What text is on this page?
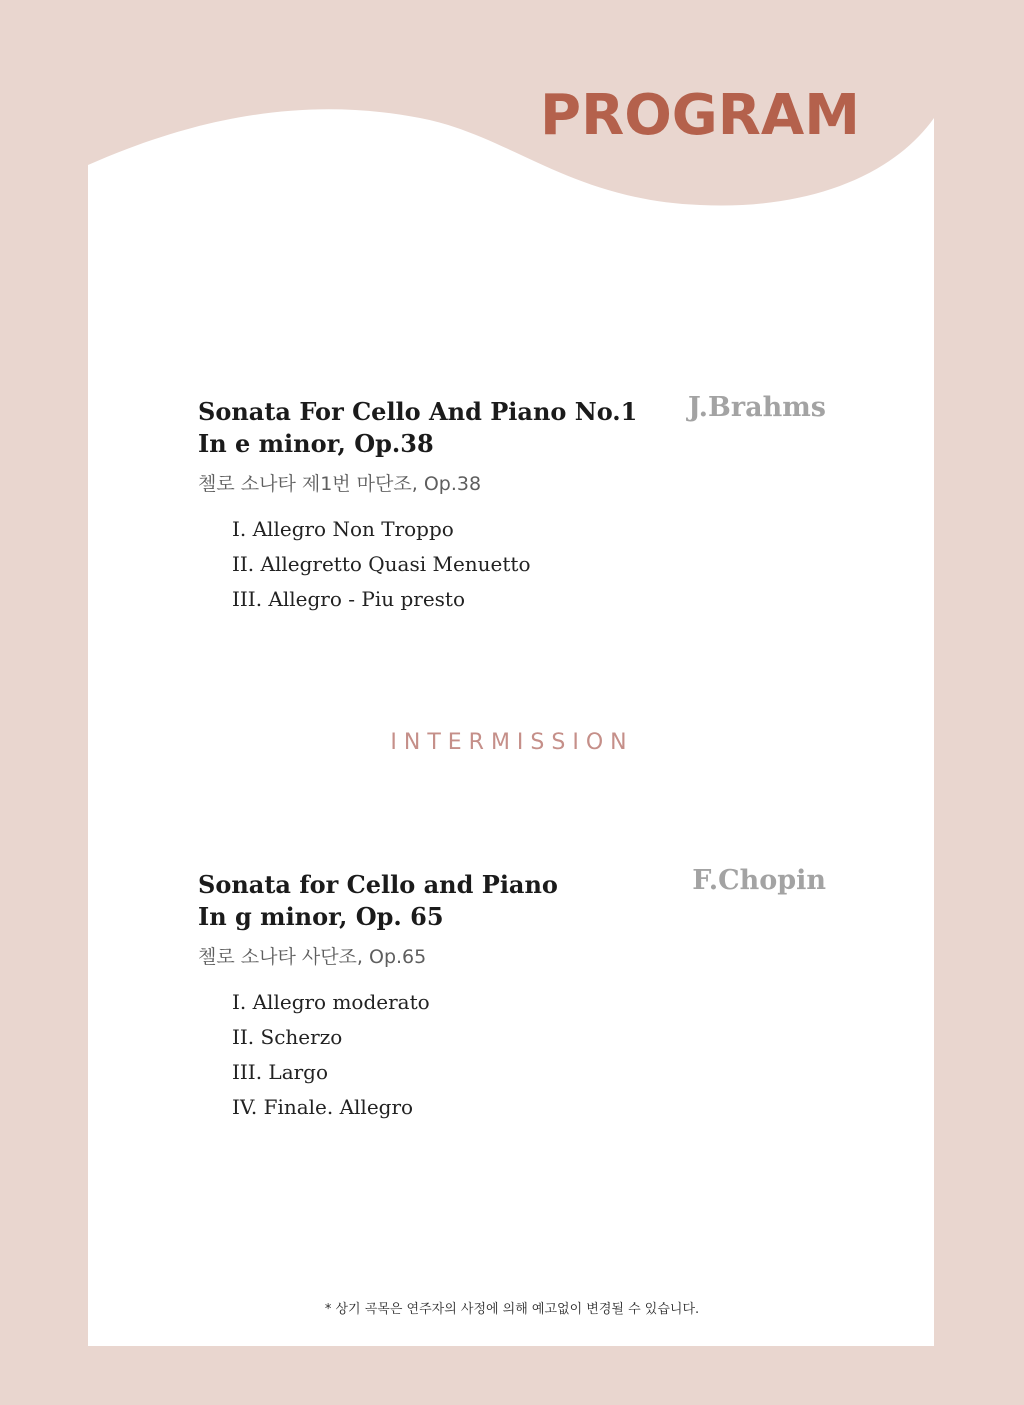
PROGRAM
Sonata For Cello And Piano No.1
In e minor, Op.38
J.Brahms
첼로 소나타 제1번 마단조, Op.38
I. Allegro Non Troppo
II. Allegretto Quasi Menuetto
III. Allegro - Piu presto
INTERMISSION
Sonata for Cello and Piano
In g minor, Op. 65
F.Chopin
첼로 소나타 사단조, Op.65
I. Allegro moderato
II. Scherzo
III. Largo
IV. Finale. Allegro
* 상기 곡목은 연주자의 사정에 의해 예고없이 변경될 수 있습니다.
